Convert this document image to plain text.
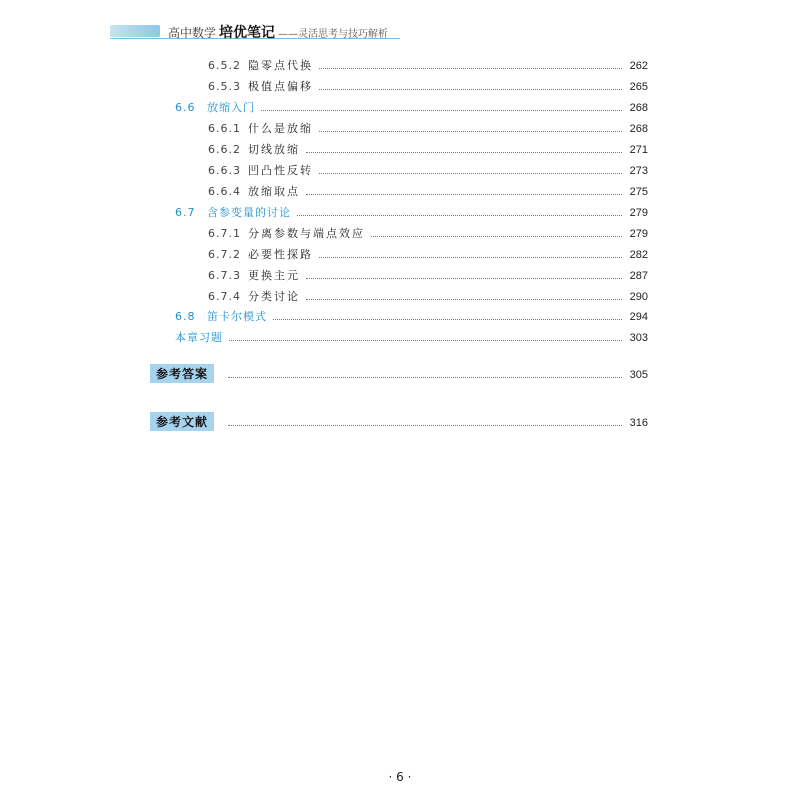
高中数学 培优笔记 ——灵活思考与技巧解析
6.5.2 隐零点代换	262
6.5.3 极值点偏移	265
6.6	放缩入门	268
6.6.1 什么是放缩	268
6.6.2 切线放缩	271
6.6.3 凹凸性反转	273
6.6.4 放缩取点	275
6.7	含参变量的讨论	279
6.7.1 分离参数与端点效应	279
6.7.2 必要性探路	282
6.7.3 更换主元	287
6.7.4 分类讨论	290
6.8	笛卡尔模式	294
本章习题	303
参考答案	305
参考文献	316
· 6 ·
